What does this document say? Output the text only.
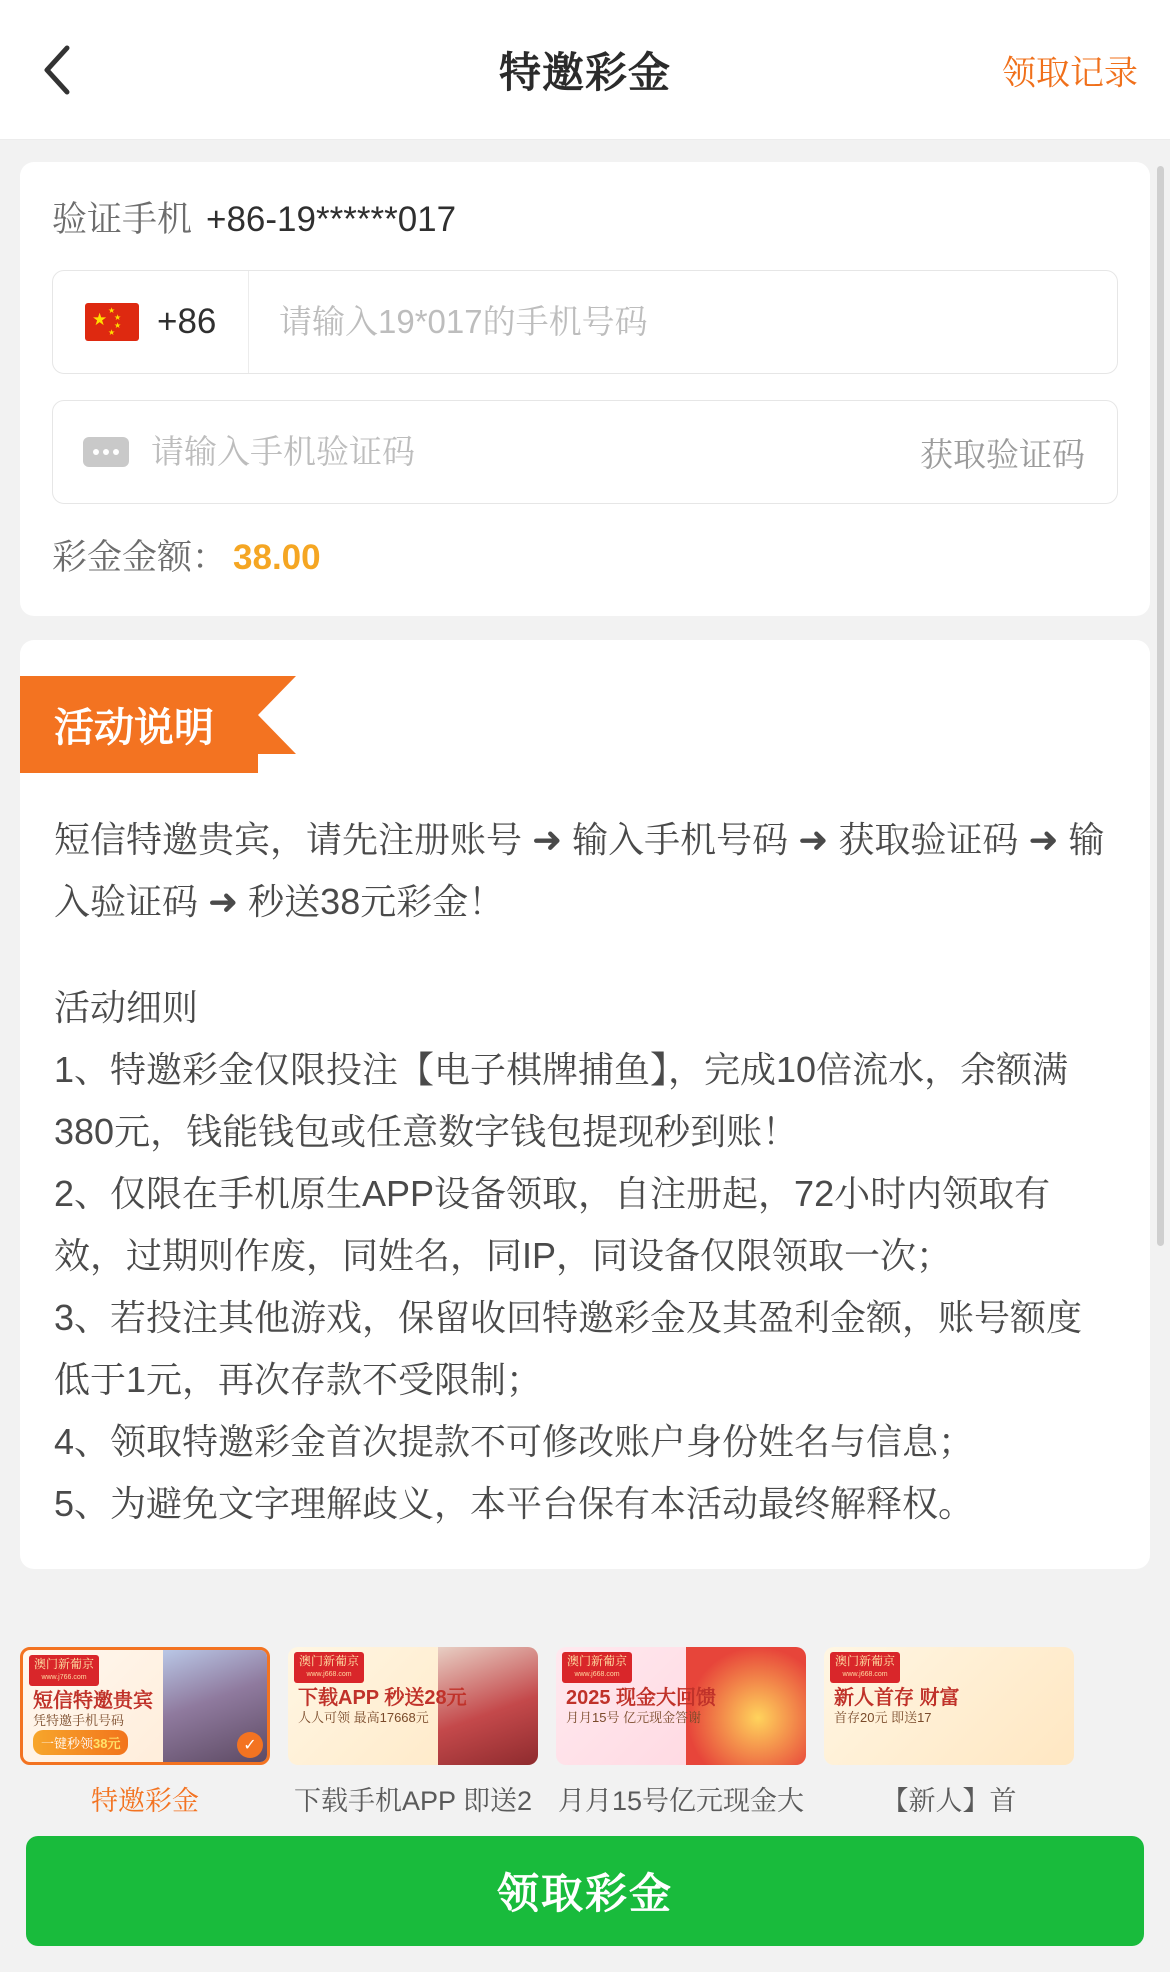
特邀彩金	领取记录
验证手机 +86-19******017
★ ★
★
★
★ +86
请输入19*017的手机号码
请输入手机验证码
获取验证码
彩金金额： 38.00
活动说明

短信特邀贵宾，请先注册账号 ➜ 输入手机号码 ➜ 获取验证码 ➜ 输入验证码 ➜ 秒送38元彩金！

活动细则

1、特邀彩金仅限投注【电子棋牌捕鱼】，完成10倍流水，余额满380元，钱能钱包或任意数字钱包提现秒到账！

2、仅限在手机原生APP设备领取，自注册起，72小时内领取有效，过期则作废，同姓名，同IP，同设备仅限领取一次；

3、若投注其他游戏，保留收回特邀彩金及其盈利金额，账号额度低于1元，再次存款不受限制；

4、领取特邀彩金首次提款不可修改账户身份姓名与信息；

5、为避免文字理解歧义，本平台保有本活动最终解释权。

澳门新葡京
www.j766.com
短信特邀贵宾
凭特邀手机号码
一键秒领38元	✓
特邀彩金
澳门新葡京
www.j668.com
下载APP 秒送28元
人人可领 最高17668元
下载手机APP 即送2
澳门新葡京
www.j668.com
2025 现金大回馈
月月15号 亿元现金答谢
月月15号亿元现金大
澳门新葡京
www.j668.com
新人首存 财富
首存20元 即送17
【新人】首
领取彩金
